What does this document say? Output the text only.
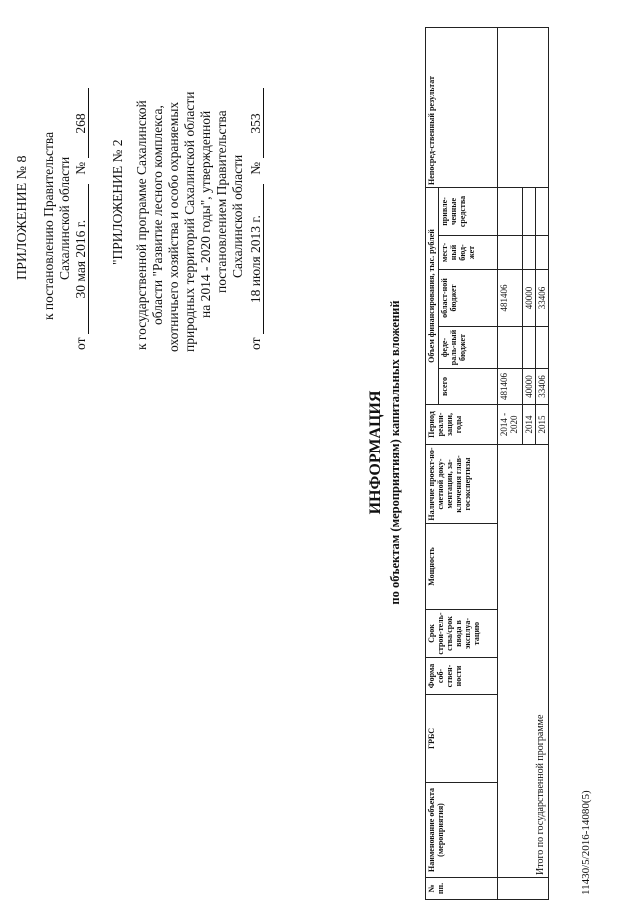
ПРИЛОЖЕНИЕ № 8 к постановлению Правительства Сахалинской области
от 30 мая 2016 г. № 268
"ПРИЛОЖЕНИЕ № 2 к государственной программе Сахалинской области "Развитие лесного комплекса, охотничьего хозяйства и особо охраняемых природных территорий Сахалинской области на 2014 - 2020 годы", утвержденной постановлением Правительства Сахалинской области
от 18 июля 2013 г. № 353
ИНФОРМАЦИЯ по объектам (мероприятиям) капитальных вложений
№ пп.	Наименование объекта (мероприятия)	ГРБС	Форма соб-ствен-ности	Срок строи-тель-ства/срок ввода в эксплуа-тацию	Мощность	Наличие проект-но-сметной доку-ментации, за-ключения глав-госэкспертизы	Период реали-зации, годы	Объем финансирования, тыс. рублей					Непосред-ственный результат
								всего	феде-раль-ный бюджет	област-ной бюджет	мест-ный бюд-жет	привле-ченные средства	
	Итого по государственной программе						2014 - 2020	481406		481406			
							2014	40000		40000			
							2015	33406		33406			
11430/5/2016-14080(5)
